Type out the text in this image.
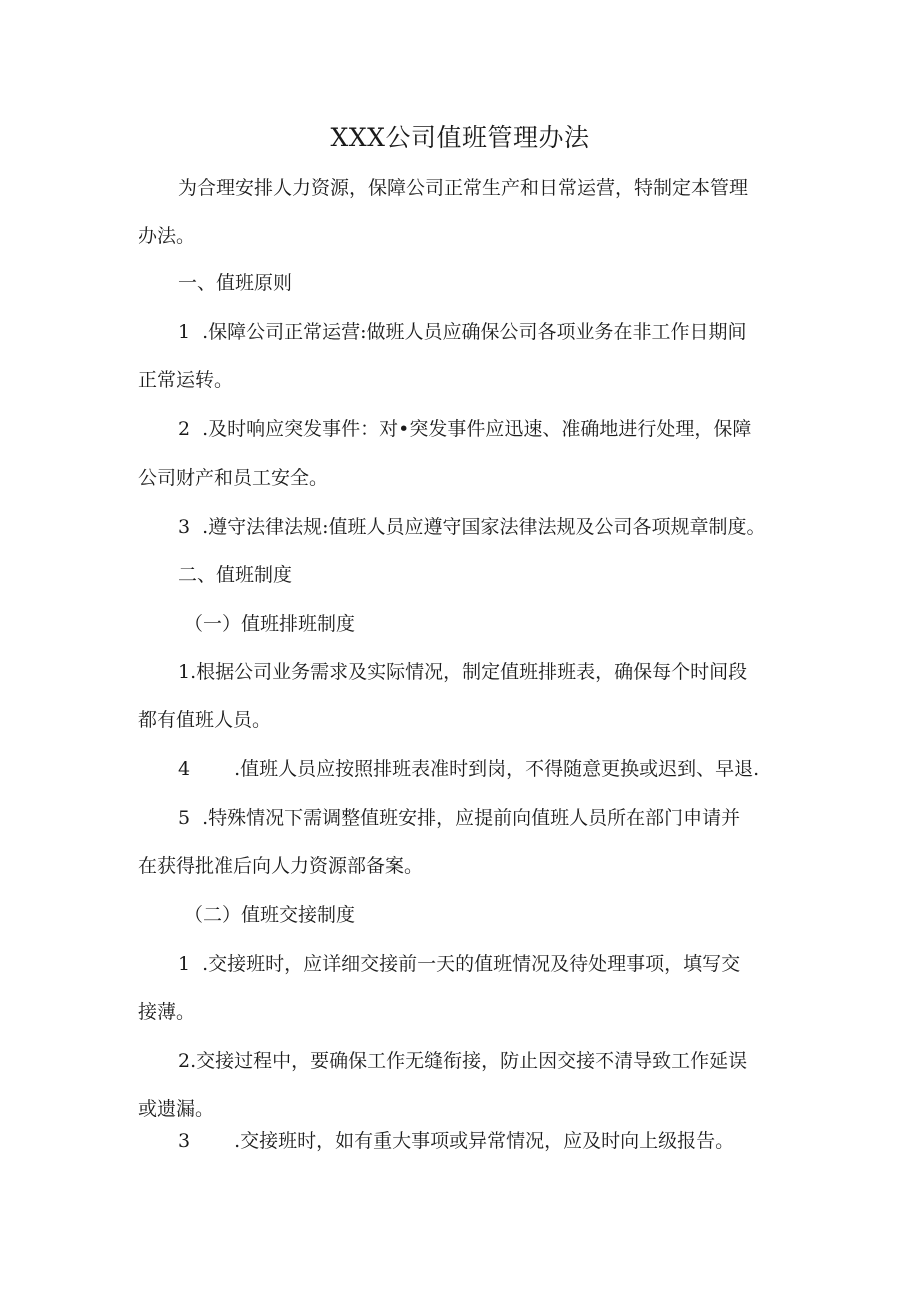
XXX公司值班管理办法
为合理安排人力资源，保障公司正常生产和日常运营，特制定本管理
办法。
一、值班原则
1 .保障公司正常运营:做班人员应确保公司各项业务在非工作日期间
正常运转。
2 .及时响应突发事件：对•突发事件应迅速、准确地进行处理，保障
公司财产和员工安全。
3 .遵守法律法规:值班人员应遵守国家法律法规及公司各项规章制度。
二、值班制度
（一）值班排班制度
1.根据公司业务需求及实际情况，制定值班排班表，确保每个时间段
都有值班人员。
4 .值班人员应按照排班表准时到岗，不得随意更换或迟到、早退.
5 .特殊情况下需调整值班安排，应提前向值班人员所在部门申请并
在获得批准后向人力资源部备案。
（二）值班交接制度
1 .交接班时，应详细交接前一天的值班情况及待处理事项，填写交
接薄。
2.交接过程中，要确保工作无缝衔接，防止因交接不清导致工作延误
或遗漏。
3 .交接班时，如有重大事项或异常情况，应及时向上级报告。
